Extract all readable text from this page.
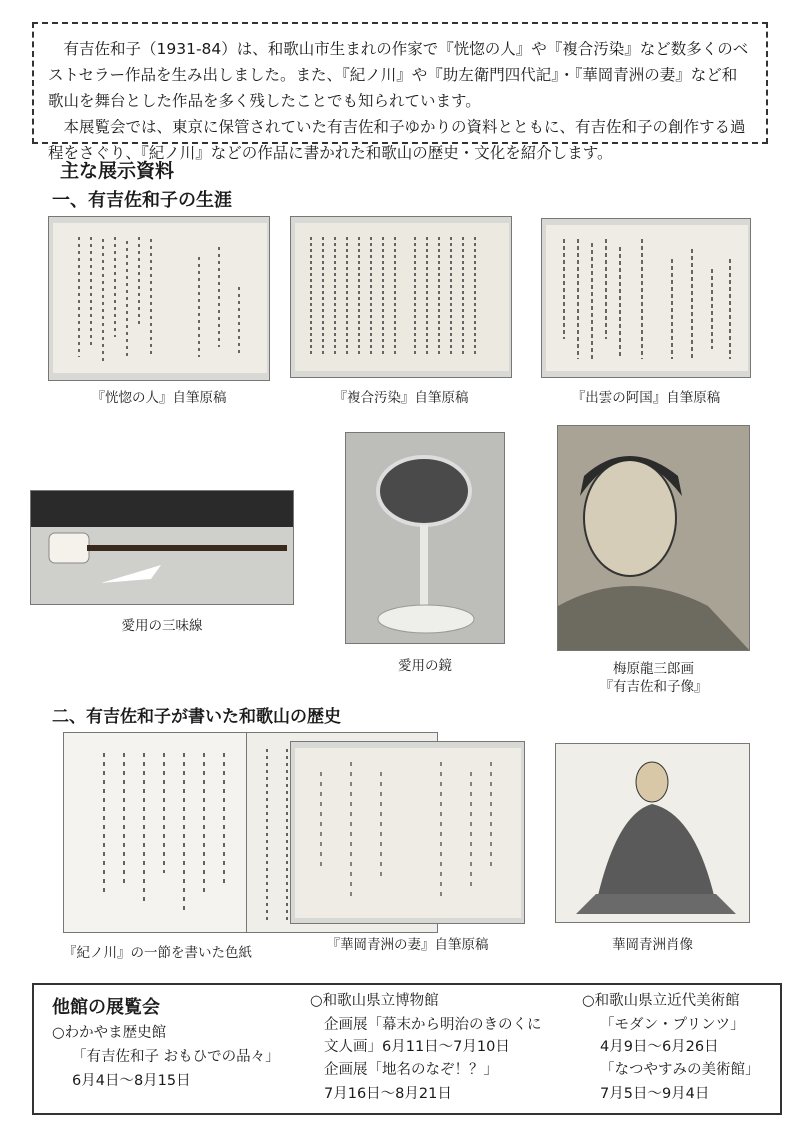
有吉佐和子（1931-84）は、和歌山市生まれの作家で『恍惚の人』や『複合汚染』など数多くのベストセラー作品を生み出しました。また、『紀ノ川』や『助左衛門四代記』・『華岡青洲の妻』など和歌山を舞台とした作品を多く残したことでも知られています。

本展覧会では、東京に保管されていた有吉佐和子ゆかりの資料とともに、有吉佐和子の創作する過程をさぐり、『紀ノ川』などの作品に書かれた和歌山の歴史・文化を紹介します。

主な展示資料
一、有吉佐和子の生涯
『恍惚の人』自筆原稿	『複合汚染』自筆原稿	『出雲の阿国』自筆原稿
愛用の三味線
愛用の鏡	梅原龍三郎画
『有吉佐和子像』
二、有吉佐和子が書いた和歌山の歴史
『紀ノ川』の一節を書いた色紙	『華岡青洲の妻』自筆原稿	華岡青洲肖像
他館の展覧会
○わかやま歴史館
「有吉佐和子 おもひでの品々」
6月4日～8月15日
○和歌山県立博物館
企画展「幕末から明治のきのくに
文人画」6月11日～7月10日
企画展「地名のなぞ！？」
7月16日～8月21日
○和歌山県立近代美術館
「モダン・プリンツ」
4月9日～6月26日
「なつやすみの美術館」
7月5日～9月4日
